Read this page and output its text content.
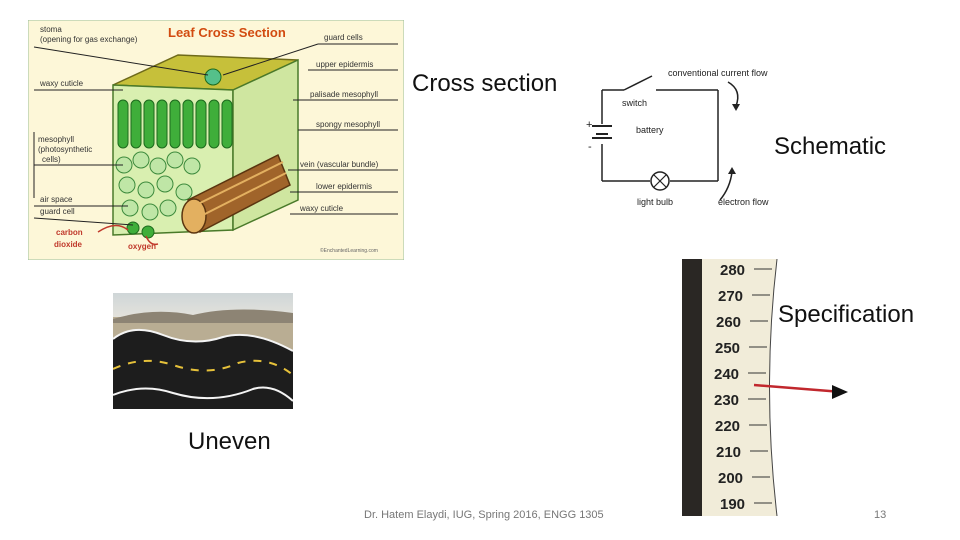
Leaf Cross Section
stoma
(opening for gas exchange)	guard cells
upper epidermis
waxy cuticle
palisade mesophyll
spongy mesophyll
mesophyll
(photosynthetic
cells)
vein (vascular bundle)
lower epidermis
air space
guard cell	waxy cuticle
carbon
dioxide	oxygen	©EnchantedLearning.com
Cross section	conventional current flow
switch
battery
+
-
light bulb	electron flow
Schematic
Uneven
280
270
260
250
240
230
220
210
200
190
Specification
Dr. Hatem Elaydi, IUG, Spring 2016, ENGG 1305	13
